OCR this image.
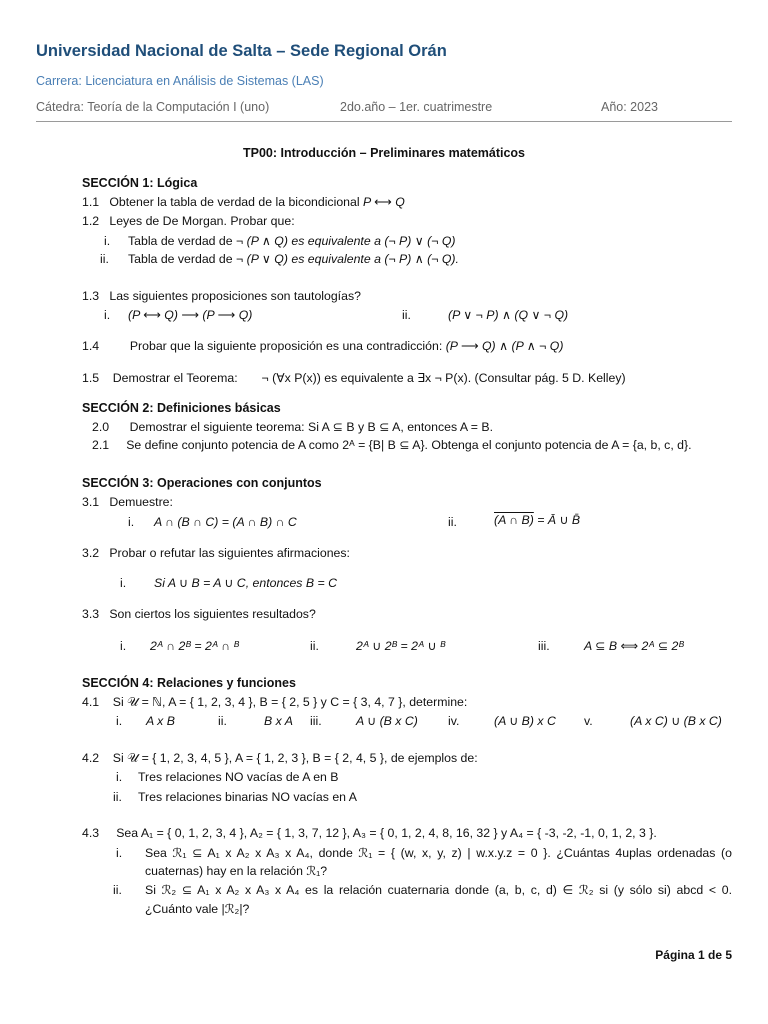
Universidad Nacional de Salta – Sede Regional Orán
Carrera: Licenciatura en Análisis de Sistemas (LAS)
Cátedra: Teoría de la Computación I (uno)	2do.año – 1er. cuatrimestre	Año: 2023
TP00: Introducción – Preliminares matemáticos
SECCIÓN 1: Lógica
1.1 Obtener la tabla de verdad de la bicondicional P ⟷ Q
1.2 Leyes de De Morgan. Probar que:
i. Tabla de verdad de ¬ (P ∧ Q) es equivalente a (¬ P) ∨ (¬ Q)
ii. Tabla de verdad de ¬ (P ∨ Q) es equivalente a (¬ P) ∧ (¬ Q).
1.3 Las siguientes proposiciones son tautologías?
i. (P ⟷ Q) ⟶ (P ⟶ Q)	ii.	(P ∨ ¬ P) ∧ (Q ∨ ¬ Q)
1.4	Probar que la siguiente proposición es una contradicción: (P ⟶ Q) ∧ (P ∧ ¬ Q)
1.5 Demostrar el Teorema: ¬ (∀x P(x)) es equivalente a ∃x ¬ P(x). (Consultar pág. 5 D. Kelley)
SECCIÓN 2: Definiciones básicas
2.0 Demostrar el siguiente teorema: Si A ⊆ B y B ⊆ A, entonces A = B.
2.1 Se define conjunto potencia de A como 2ᴬ = {B| B ⊆ A}. Obtenga el conjunto potencia de A = {a, b, c, d}.
SECCIÓN 3: Operaciones con conjuntos
3.1 Demuestre:
i. A ∩ (B ∩ C) = (A ∩ B) ∩ C	ii.	(A ∩ B) = Ā ∪ B̄
3.2 Probar o refutar las siguientes afirmaciones:
i. Si A ∪ B = A ∪ C, entonces B = C
3.3 Son ciertos los siguientes resultados?
i. 2ᴬ ∩ 2ᴮ = 2ᴬ ∩ ᴮ	ii.	2ᴬ ∪ 2ᴮ = 2ᴬ ∪ ᴮ	iii.	A ⊆ B ⟺ 2ᴬ ⊆ 2ᴮ
SECCIÓN 4: Relaciones y funciones
4.1 Si 𝒰 = ℕ, A = { 1, 2, 3, 4 }, B = { 2, 5 } y C = { 3, 4, 7 }, determine:
i. A x B	ii.	B x A iii.	A ∪ (B x C) iv.	(A ∪ B) x C v.	(A x C) ∪ (B x C)
4.2 Si 𝒰 = { 1, 2, 3, 4, 5 }, A = { 1, 2, 3 }, B = { 2, 4, 5 }, de ejemplos de:
i. Tres relaciones NO vacías de A en B
ii. Tres relaciones binarias NO vacías en A
4.3 Sea A₁ = { 0, 1, 2, 3, 4 }, A₂ = { 1, 3, 7, 12 }, A₃ = { 0, 1, 2, 4, 8, 16, 32 } y A₄ = { -3, -2, -1, 0, 1, 2, 3 }.
i. Sea ℛ₁ ⊆ A₁ x A₂ x A₃ x A₄, donde ℛ₁ = { (w, x, y, z) | w.x.y.z = 0 }. ¿Cuántas 4uplas ordenadas (o
cuaternas) hay en la relación ℛ₁?
ii. Si ℛ₂ ⊆ A₁ x A₂ x A₃ x A₄ es la relación cuaternaria donde (a, b, c, d) ∈ ℛ₂ si (y sólo si) abcd < 0.
¿Cuánto vale |ℛ₂|?
Página 1 de 5
